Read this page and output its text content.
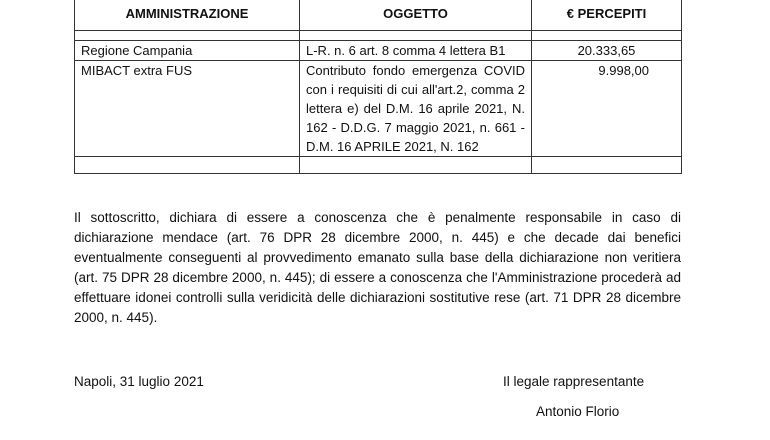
AMMINISTRAZIONE	OGGETTO	€ PERCEPITI

Regione Campania	L-R. n. 6 art. 8 comma 4 lettera B1	20.333,65
MIBACT extra FUS	Contributo fondo emergenza COVID con i requisiti di cui all'art.2, comma 2 lettera e) del D.M. 16 aprile 2021, N. 162 - D.D.G. 7 maggio 2021, n. 661 - D.M. 16 APRILE 2021, N. 162	9.998,00

Il sottoscritto, dichiara di essere a conoscenza che è penalmente responsabile in caso di dichiarazione mendace (art. 76 DPR 28 dicembre 2000, n. 445) e che decade dai benefici eventualmente conseguenti al provvedimento emanato sulla base della dichiarazione non veritiera (art. 75 DPR 28 dicembre 2000, n. 445); di essere a conoscenza che l'Amministrazione procederà ad effettuare idonei controlli sulla veridicità delle dichiarazioni sostitutive rese (art. 71 DPR 28 dicembre 2000, n. 445).

Napoli, 31 luglio 2021	Il legale rappresentante
Antonio Florio
